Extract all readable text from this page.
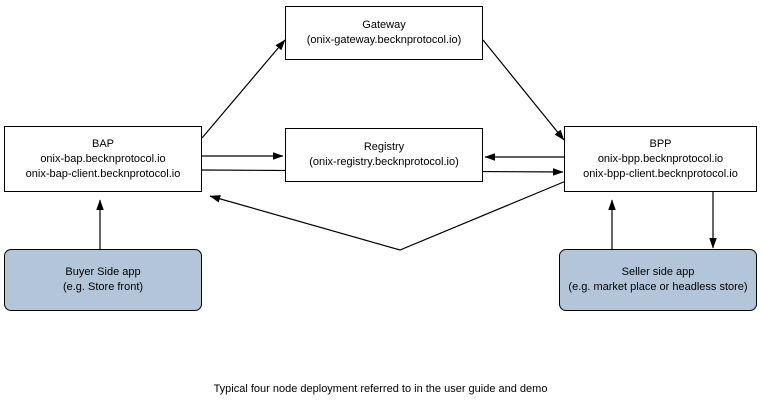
Gateway
(onix-gateway.becknprotocol.io)
BAP
onix-bap.becknprotocol.io
onix-bap-client.becknprotocol.io
Registry
(onix-registry.becknprotocol.io)
BPP
onix-bpp.becknprotocol.io
onix-bpp-client.becknprotocol.io
Buyer Side app
(e.g. Store front)
Seller side app
(e.g. market place or headless store)
Typical four node deployment referred to in the user guide and demo
